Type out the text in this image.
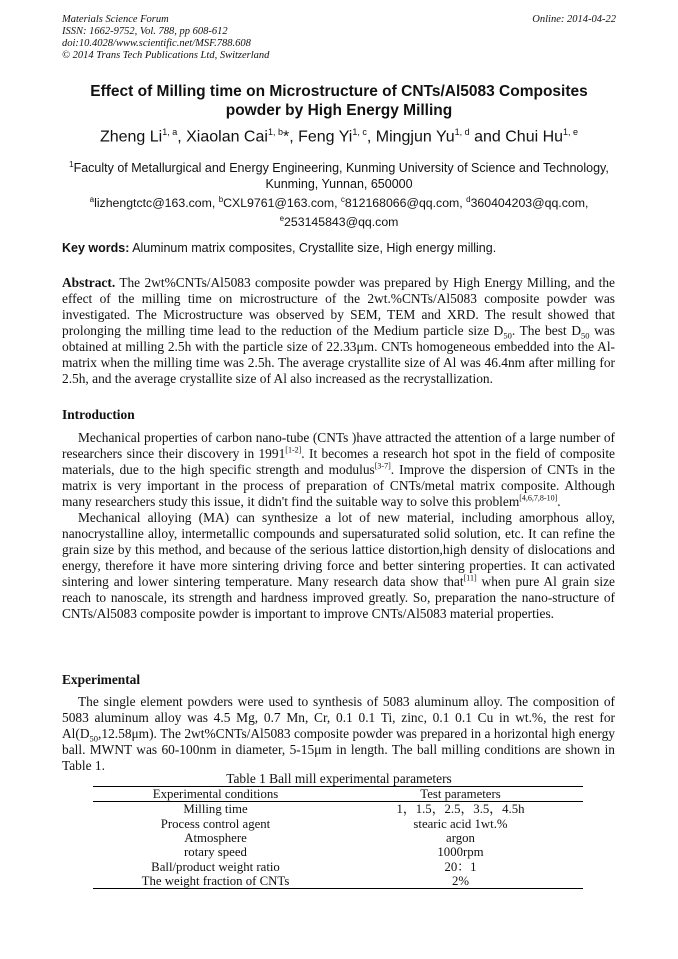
Materials Science Forum
ISSN: 1662-9752, Vol. 788, pp 608-612
doi:10.4028/www.scientific.net/MSF.788.608
© 2014 Trans Tech Publications Ltd, Switzerland
Online: 2014-04-22
Effect of Milling time on Microstructure of CNTs/Al5083 Composites powder by High Energy Milling
Zheng Li$^{1, a}$, Xiaolan Cai$^{1, b}$*, Feng Yi$^{1, c}$, Mingjun Yu$^{1, d}$ and Chui Hu$^{1, e}$
$^1$Faculty of Metallurgical and Energy Engineering, Kunming University of Science and Technology, Kunming, Yunnan, 650000
$^a$lizhengtctc@163.com, $^b$CXL9761@163.com, $^c$812168066@qq.com, $^d$360404203@qq.com,
$^e$253145843@qq.com
Key words: Aluminum matrix composites, Crystallite size, High energy milling.

Abstract. The 2wt%CNTs/Al5083 composite powder was prepared by High Energy Milling, and the effect of the milling time on microstructure of the 2wt.%CNTs/Al5083 composite powder was investigated. The Microstructure was observed by SEM, TEM and XRD. The result showed that prolonging the milling time lead to the reduction of the Medium particle size $D_{50}$. The best $D_{50}$ was obtained at milling 2.5h with the particle size of 22.33μm. CNTs homogeneous embedded into the Al-matrix when the milling time was 2.5h. The average crystallite size of Al was 46.4nm after milling for 2.5h, and the average crystallite size of Al also increased as the recrystallization.

Introduction

Mechanical properties of carbon nano-tube (CNTs )have attracted the attention of a large number of researchers since their discovery in 1991[1-2]. It becomes a research hot spot in the field of composite materials, due to the high specific strength and modulus[3-7]. Improve the dispersion of CNTs in the matrix is very important in the process of preparation of CNTs/metal matrix composite. Although many researchers study this issue, it didn't find the suitable way to solve this problem[4,6,7,8-10].

Mechanical alloying (MA) can synthesize a lot of new material, including amorphous alloy, nanocrystalline alloy, intermetallic compounds and supersaturated solid solution, etc. It can refine the grain size by this method, and because of the serious lattice distortion,high density of dislocations and energy, therefore it have more sintering driving force and better sintering properties. It can activated sintering and lower sintering temperature. Many research data show that[11] when pure Al grain size reach to nanoscale, its strength and hardness improved greatly. So, preparation the nano-structure of CNTs/Al5083 composite powder is important to improve CNTs/Al5083 material properties.

Experimental

The single element powders were used to synthesis of 5083 aluminum alloy. The composition of 5083 aluminum alloy was 4.5 Mg, 0.7 Mn, Cr, 0.1 0.1 Ti, zinc, 0.1 0.1 Cu in wt.%, the rest for $Al(D_{50},12.58\mu m)$. The 2wt%CNTs/Al5083 composite powder was prepared in a horizontal high energy ball. MWNT was 60-100nm in diameter, 5-15μm in length. The ball milling conditions are shown in Table 1.

Table 1 Ball mill experimental parameters
Experimental conditions	Test parameters
Milling time	1，1.5，2.5，3.5，4.5h
Process control agent	stearic acid 1wt.%
Atmosphere	argon
rotary speed	1000rpm
Ball/product weight ratio	20：1
The weight fraction of CNTs	2%
